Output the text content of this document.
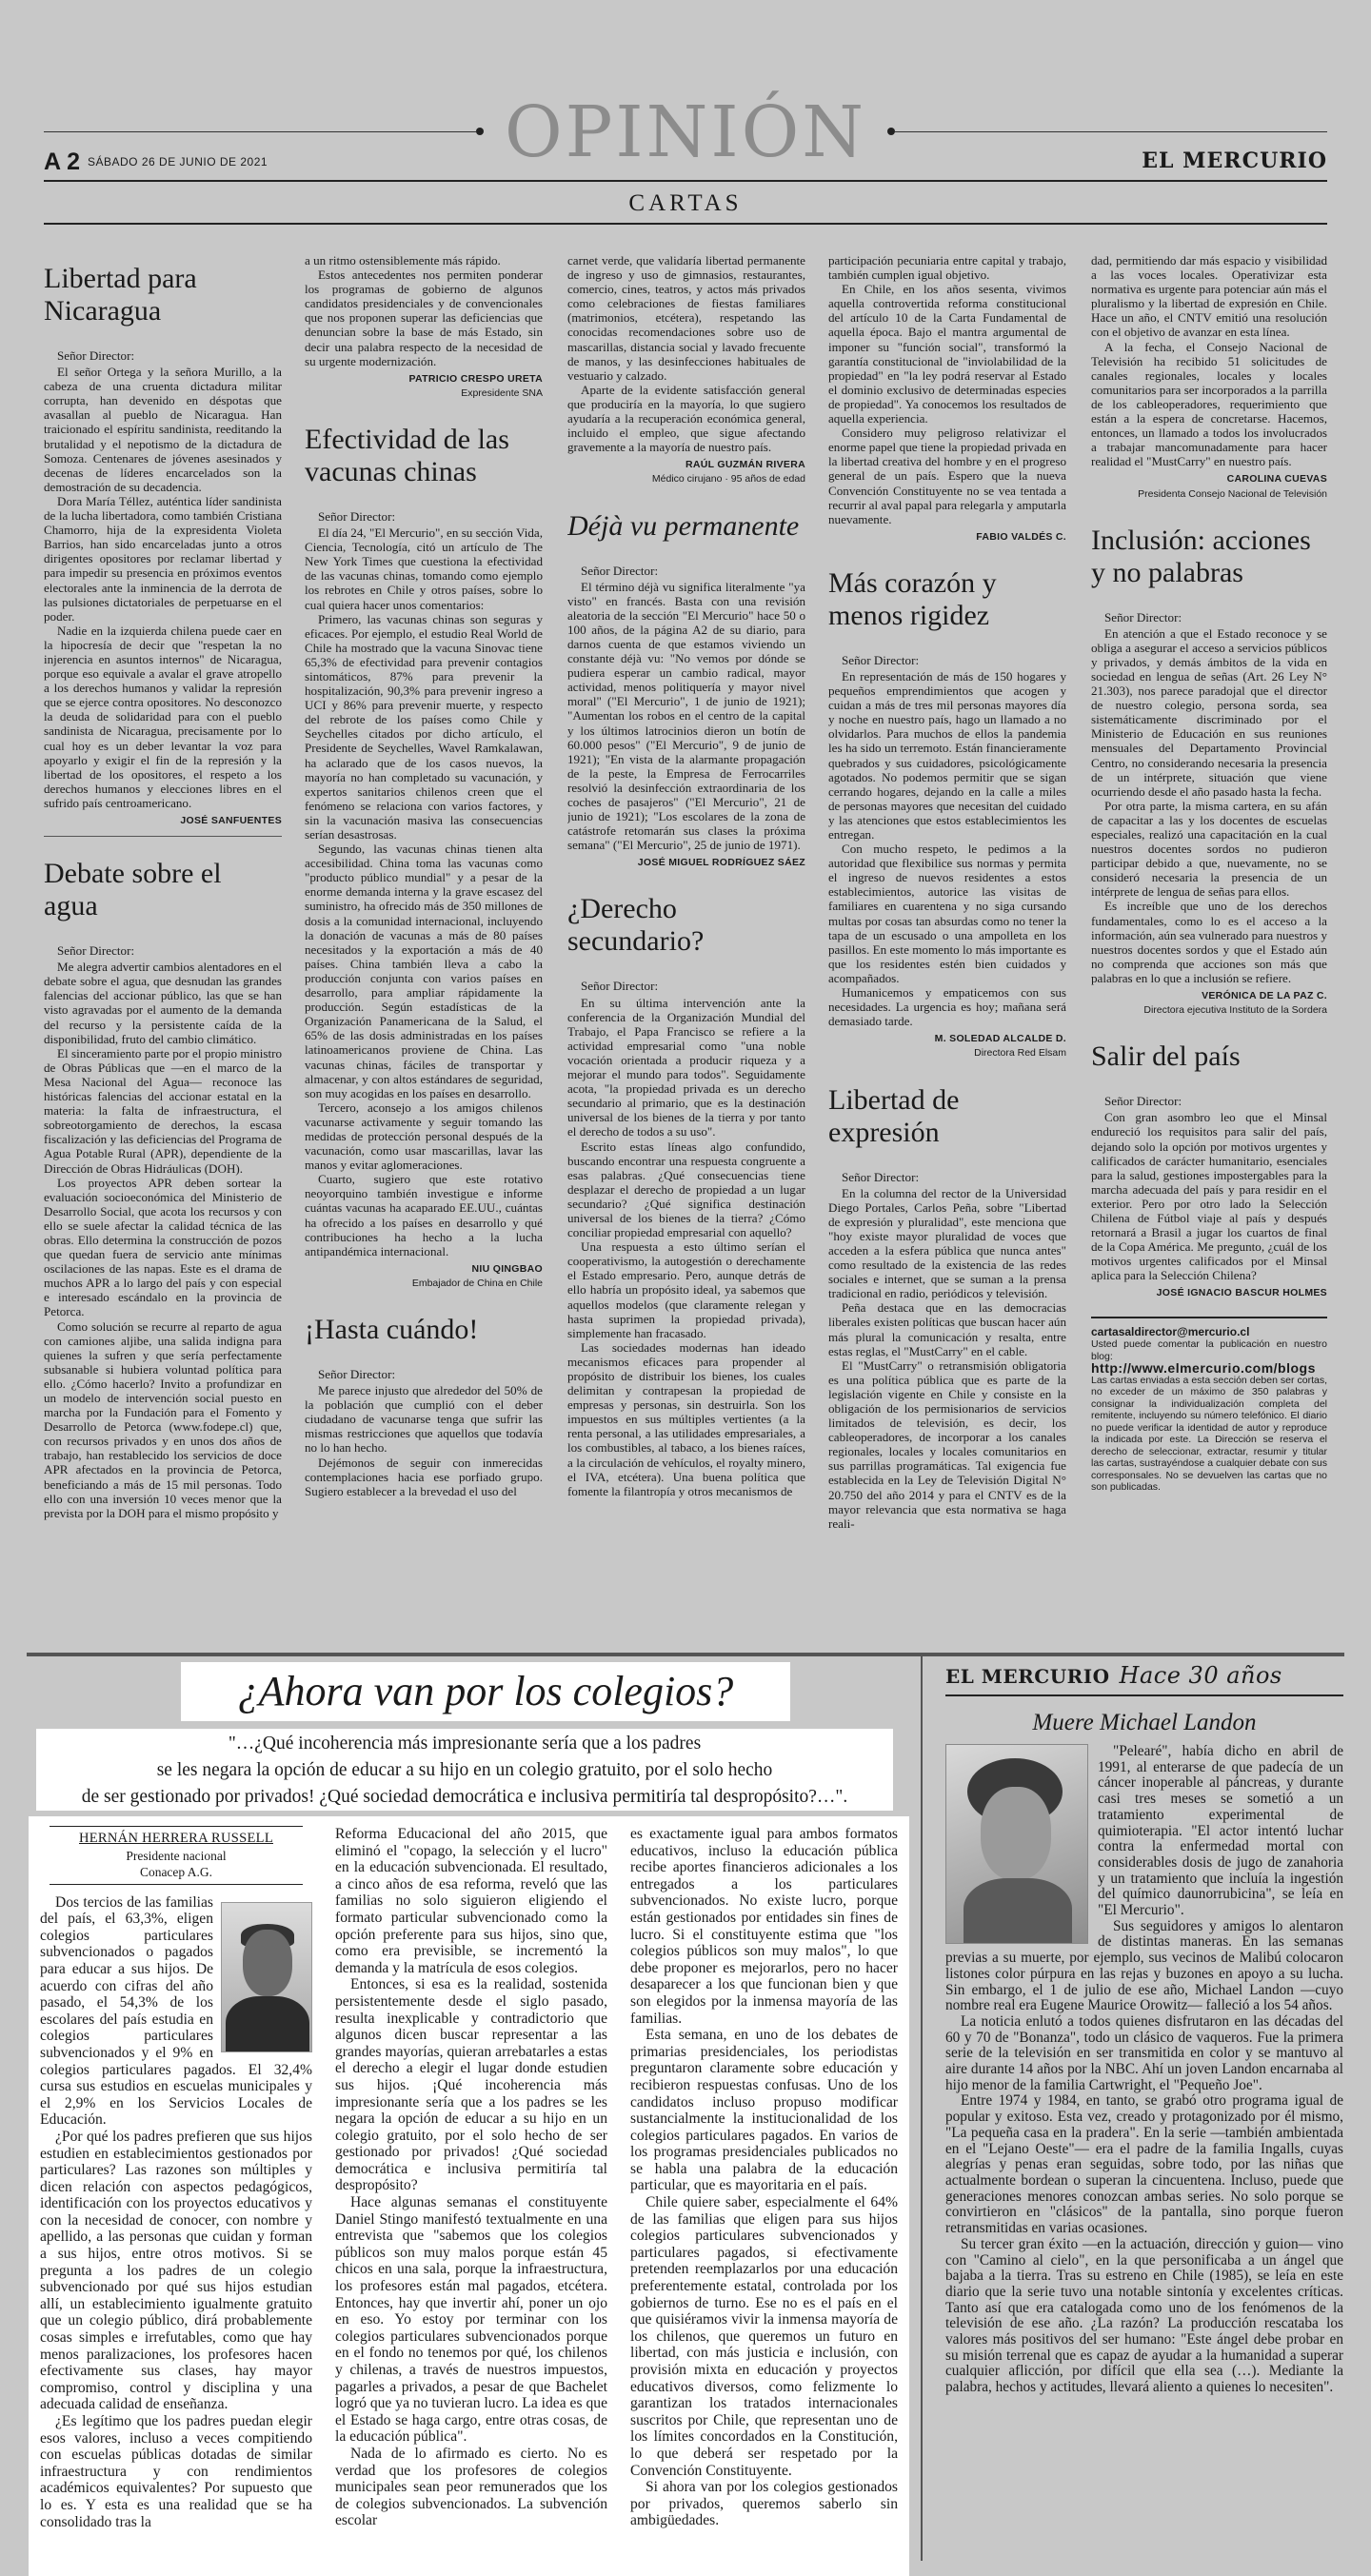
OPINIÓN
A 2 SÁBADO 26 DE JUNIO DE 2021	EL MERCURIO
CARTAS
Libertad para Nicaragua

Señor Director:

El señor Ortega y la señora Murillo, a la cabeza de una cruenta dictadura militar corrupta, han devenido en déspotas que avasallan al pueblo de Nicaragua. Han traicionado el espíritu sandinista, reeditando la brutalidad y el nepotismo de la dictadura de Somoza. Centenares de jóvenes asesinados y decenas de líderes encarcelados son la demostración de su decadencia.

Dora María Téllez, auténtica líder sandinista de la lucha libertadora, como también Cristiana Chamorro, hija de la expresidenta Violeta Barrios, han sido encarceladas junto a otros dirigentes opositores por reclamar libertad y para impedir su presencia en próximos eventos electorales ante la inminencia de la derrota de las pulsiones dictatoriales de perpetuarse en el poder.

Nadie en la izquierda chilena puede caer en la hipocresía de decir que "respetan la no injerencia en asuntos internos" de Nicaragua, porque eso equivale a avalar el grave atropello a los derechos humanos y validar la represión que se ejerce contra opositores. No desconozco la deuda de solidaridad para con el pueblo sandinista de Nicaragua, precisamente por lo cual hoy es un deber levantar la voz para apoyarlo y exigir el fin de la represión y la libertad de los opositores, el respeto a los derechos humanos y elecciones libres en el sufrido país centroamericano.

JOSÉ SANFUENTES

Debate sobre el agua

Señor Director:

Me alegra advertir cambios alentadores en el debate sobre el agua, que desnudan las grandes falencias del accionar público, las que se han visto agravadas por el aumento de la demanda del recurso y la persistente caída de la disponibilidad, fruto del cambio climático.

El sinceramiento parte por el propio ministro de Obras Públicas que —en el marco de la Mesa Nacional del Agua— reconoce las históricas falencias del accionar estatal en la materia: la falta de infraestructura, el sobreotorgamiento de derechos, la escasa fiscalización y las deficiencias del Programa de Agua Potable Rural (APR), dependiente de la Dirección de Obras Hidráulicas (DOH).

Los proyectos APR deben sortear la evaluación socioeconómica del Ministerio de Desarrollo Social, que acota los recursos y con ello se suele afectar la calidad técnica de las obras. Ello determina la construcción de pozos que quedan fuera de servicio ante mínimas oscilaciones de las napas. Este es el drama de muchos APR a lo largo del país y con especial e interesado escándalo en la provincia de Petorca.

Como solución se recurre al reparto de agua con camiones aljibe, una salida indigna para quienes la sufren y que sería perfectamente subsanable si hubiera voluntad política para ello. ¿Cómo hacerlo? Invito a profundizar en un modelo de intervención social puesto en marcha por la Fundación para el Fomento y Desarrollo de Petorca (www.fodepe.cl) que, con recursos privados y en unos dos años de trabajo, han restablecido los servicios de doce APR afectados en la provincia de Petorca, beneficiando a más de 15 mil personas. Todo ello con una inversión 10 veces menor que la prevista por la DOH para el mismo propósito y

a un ritmo ostensiblemente más rápido.

Estos antecedentes nos permiten ponderar los programas de gobierno de algunos candidatos presidenciales y de convencionales que nos proponen superar las deficiencias que denuncian sobre la base de más Estado, sin decir una palabra respecto de la necesidad de su urgente modernización.

PATRICIO CRESPO URETA

Expresidente SNA

Efectividad de las vacunas chinas

Señor Director:

El día 24, "El Mercurio", en su sección Vida, Ciencia, Tecnología, citó un artículo de The New York Times que cuestiona la efectividad de las vacunas chinas, tomando como ejemplo los rebrotes en Chile y otros países, sobre lo cual quiera hacer unos comentarios:

Primero, las vacunas chinas son seguras y eficaces. Por ejemplo, el estudio Real World de Chile ha mostrado que la vacuna Sinovac tiene 65,3% de efectividad para prevenir contagios sintomáticos, 87% para prevenir la hospitalización, 90,3% para prevenir ingreso a UCI y 86% para prevenir muerte, y respecto del rebrote de los países como Chile y Seychelles citados por dicho artículo, el Presidente de Seychelles, Wavel Ramkalawan, ha aclarado que de los casos nuevos, la mayoría no han completado su vacunación, y expertos sanitarios chilenos creen que el fenómeno se relaciona con varios factores, y sin la vacunación masiva las consecuencias serían desastrosas.

Segundo, las vacunas chinas tienen alta accesibilidad. China toma las vacunas como "producto público mundial" y a pesar de la enorme demanda interna y la grave escasez del suministro, ha ofrecido más de 350 millones de dosis a la comunidad internacional, incluyendo la donación de vacunas a más de 80 países necesitados y la exportación a más de 40 países. China también lleva a cabo la producción conjunta con varios países en desarrollo, para ampliar rápidamente la producción. Según estadísticas de la Organización Panamericana de la Salud, el 65% de las dosis administradas en los países latinoamericanos proviene de China. Las vacunas chinas, fáciles de transportar y almacenar, y con altos estándares de seguridad, son muy acogidas en los países en desarrollo.

Tercero, aconsejo a los amigos chilenos vacunarse activamente y seguir tomando las medidas de protección personal después de la vacunación, como usar mascarillas, lavar las manos y evitar aglomeraciones.

Cuarto, sugiero que este rotativo neoyorquino también investigue e informe cuántas vacunas ha acaparado EE.UU., cuántas ha ofrecido a los países en desarrollo y qué contribuciones ha hecho a la lucha antipandémica internacional.

NIU QINGBAO

Embajador de China en Chile

¡Hasta cuándo!

Señor Director:

Me parece injusto que alrededor del 50% de la población que cumplió con el deber ciudadano de vacunarse tenga que sufrir las mismas restricciones que aquellos que todavía no lo han hecho.

Dejémonos de seguir con inmerecidas contemplaciones hacia ese porfiado grupo. Sugiero establecer a la brevedad el uso del

carnet verde, que validaría libertad permanente de ingreso y uso de gimnasios, restaurantes, comercio, cines, teatros, y actos más privados como celebraciones de fiestas familiares (matrimonios, etcétera), respetando las conocidas recomendaciones sobre uso de mascarillas, distancia social y lavado frecuente de manos, y las desinfecciones habituales de vestuario y calzado.

Aparte de la evidente satisfacción general que produciría en la mayoría, lo que sugiero ayudaría a la recuperación económica general, incluido el empleo, que sigue afectando gravemente a la mayoría de nuestro país.

RAÚL GUZMÁN RIVERA

Médico cirujano · 95 años de edad

Déjà vu permanente

Señor Director:

El término déjà vu significa literalmente "ya visto" en francés. Basta con una revisión aleatoria de la sección "El Mercurio" hace 50 o 100 años, de la página A2 de su diario, para darnos cuenta de que estamos viviendo un constante déjà vu: "No vemos por dónde se pudiera esperar un cambio radical, mayor actividad, menos politiquería y mayor nivel moral" ("El Mercurio", 1 de junio de 1921); "Aumentan los robos en el centro de la capital y los últimos latrocinios dieron un botín de 60.000 pesos" ("El Mercurio", 9 de junio de 1921); "En vista de la alarmante propagación de la peste, la Empresa de Ferrocarriles resolvió la desinfección extraordinaria de los coches de pasajeros" ("El Mercurio", 21 de junio de 1921); "Los escolares de la zona de catástrofe retomarán sus clases la próxima semana" ("El Mercurio", 25 de junio de 1971).

JOSÉ MIGUEL RODRÍGUEZ SÁEZ

¿Derecho secundario?

Señor Director:

En su última intervención ante la conferencia de la Organización Mundial del Trabajo, el Papa Francisco se refiere a la actividad empresarial como "una noble vocación orientada a producir riqueza y a mejorar el mundo para todos". Seguidamente acota, "la propiedad privada es un derecho secundario al primario, que es la destinación universal de los bienes de la tierra y por tanto el derecho de todos a su uso".

Escrito estas líneas algo confundido, buscando encontrar una respuesta congruente a esas palabras. ¿Qué consecuencias tiene desplazar el derecho de propiedad a un lugar secundario? ¿Qué significa destinación universal de los bienes de la tierra? ¿Cómo conciliar propiedad empresarial con aquello?

Una respuesta a esto último serían el cooperativismo, la autogestión o derechamente el Estado empresario. Pero, aunque detrás de ello habría un propósito ideal, ya sabemos que aquellos modelos (que claramente relegan y hasta suprimen la propiedad privada), simplemente han fracasado.

Las sociedades modernas han ideado mecanismos eficaces para propender al propósito de distribuir los bienes, los cuales delimitan y contrapesan la propiedad de empresas y personas, sin destruirla. Son los impuestos en sus múltiples vertientes (a la renta personal, a las utilidades empresariales, a los combustibles, al tabaco, a los bienes raíces, a la circulación de vehículos, el royalty minero, el IVA, etcétera). Una buena política que fomente la filantropía y otros mecanismos de

participación pecuniaria entre capital y trabajo, también cumplen igual objetivo.

En Chile, en los años sesenta, vivimos aquella controvertida reforma constitucional del artículo 10 de la Carta Fundamental de aquella época. Bajo el mantra argumental de imponer su "función social", transformó la garantía constitucional de "inviolabilidad de la propiedad" en "la ley podrá reservar al Estado el dominio exclusivo de determinadas especies de propiedad". Ya conocemos los resultados de aquella experiencia.

Considero muy peligroso relativizar el enorme papel que tiene la propiedad privada en la libertad creativa del hombre y en el progreso general de un país. Espero que la nueva Convención Constituyente no se vea tentada a recurrir al aval papal para relegarla y amputarla nuevamente.

FABIO VALDÉS C.

Más corazón y menos rigidez

Señor Director:

En representación de más de 150 hogares y pequeños emprendimientos que acogen y cuidan a más de tres mil personas mayores día y noche en nuestro país, hago un llamado a no olvidarlos. Para muchos de ellos la pandemia les ha sido un terremoto. Están financieramente quebrados y sus cuidadores, psicológicamente agotados. No podemos permitir que se sigan cerrando hogares, dejando en la calle a miles de personas mayores que necesitan del cuidado y las atenciones que estos establecimientos les entregan.

Con mucho respeto, le pedimos a la autoridad que flexibilice sus normas y permita el ingreso de nuevos residentes a estos establecimientos, autorice las visitas de familiares en cuarentena y no siga cursando multas por cosas tan absurdas como no tener la tapa de un escusado o una ampolleta en los pasillos. En este momento lo más importante es que los residentes estén bien cuidados y acompañados.

Humanicemos y empaticemos con sus necesidades. La urgencia es hoy; mañana será demasiado tarde.

M. SOLEDAD ALCALDE D.

Directora Red Elsam

Libertad de expresión

Señor Director:

En la columna del rector de la Universidad Diego Portales, Carlos Peña, sobre "Libertad de expresión y pluralidad", este menciona que "hoy existe mayor pluralidad de voces que acceden a la esfera pública que nunca antes" como resultado de la existencia de las redes sociales e internet, que se suman a la prensa tradicional en radio, periódicos y televisión.

Peña destaca que en las democracias liberales existen políticas que buscan hacer aún más plural la comunicación y resalta, entre estas reglas, el "MustCarry" en el cable.

El "MustCarry" o retransmisión obligatoria es una política pública que es parte de la legislación vigente en Chile y consiste en la obligación de los permisionarios de servicios limitados de televisión, es decir, los cableoperadores, de incorporar a los canales regionales, locales y locales comunitarios en sus parrillas programáticas. Tal exigencia fue establecida en la Ley de Televisión Digital N° 20.750 del año 2014 y para el CNTV es de la mayor relevancia que esta normativa se haga reali-

dad, permitiendo dar más espacio y visibilidad a las voces locales. Operativizar esta normativa es urgente para potenciar aún más el pluralismo y la libertad de expresión en Chile. Hace un año, el CNTV emitió una resolución con el objetivo de avanzar en esta línea.

A la fecha, el Consejo Nacional de Televisión ha recibido 51 solicitudes de canales regionales, locales y locales comunitarios para ser incorporados a la parrilla de los cableoperadores, requerimiento que están a la espera de concretarse. Hacemos, entonces, un llamado a todos los involucrados a trabajar mancomunadamente para hacer realidad el "MustCarry" en nuestro país.

CAROLINA CUEVAS

Presidenta Consejo Nacional de Televisión

Inclusión: acciones y no palabras

Señor Director:

En atención a que el Estado reconoce y se obliga a asegurar el acceso a servicios públicos y privados, y demás ámbitos de la vida en sociedad en lengua de señas (Art. 26 Ley N° 21.303), nos parece paradojal que el director de nuestro colegio, persona sorda, sea sistemáticamente discriminado por el Ministerio de Educación en sus reuniones mensuales del Departamento Provincial Centro, no considerando necesaria la presencia de un intérprete, situación que viene ocurriendo desde el año pasado hasta la fecha.

Por otra parte, la misma cartera, en su afán de capacitar a las y los docentes de escuelas especiales, realizó una capacitación en la cual nuestros docentes sordos no pudieron participar debido a que, nuevamente, no se consideró necesaria la presencia de un intérprete de lengua de señas para ellos.

Es increíble que uno de los derechos fundamentales, como lo es el acceso a la información, aún sea vulnerado para nuestros y nuestros docentes sordos y que el Estado aún no comprenda que acciones son más que palabras en lo que a inclusión se refiere.

VERÓNICA DE LA PAZ C.

Directora ejecutiva Instituto de la Sordera

Salir del país

Señor Director:

Con gran asombro leo que el Minsal endureció los requisitos para salir del país, dejando solo la opción por motivos urgentes y calificados de carácter humanitario, esenciales para la salud, gestiones impostergables para la marcha adecuada del país y para residir en el exterior. Pero por otro lado la Selección Chilena de Fútbol viaje al país y después retornará a Brasil a jugar los cuartos de final de la Copa América. Me pregunto, ¿cuál de los motivos urgentes calificados por el Minsal aplica para la Selección Chilena?

JOSÉ IGNACIO BASCUR HOLMES

cartasaldirector@mercurio.cl
Usted puede comentar la publicación en nuestro blog:
http://www.elmercurio.com/blogs
Las cartas enviadas a esta sección deben ser cortas, no exceder de un máximo de 350 palabras y consignar la individualización completa del remitente, incluyendo su número telefónico. El diario no puede verificar la identidad de autor y reproduce la indicada por este. La Dirección se reserva el derecho de seleccionar, extractar, resumir y titular las cartas, sustrayéndose a cualquier debate con sus corresponsales. No se devuelven las cartas que no son publicadas.
¿Ahora van por los colegios?
"…¿Qué incoherencia más impresionante sería que a los padres
se les negara la opción de educar a su hijo en un colegio gratuito, por el solo hecho
de ser gestionado por privados! ¿Qué sociedad democrática e inclusiva permitiría tal despropósito?…".
HERNÁN HERRERA RUSSELL
Presidente nacional
Conacep A.G.

Dos tercios de las familias del país, el 63,3%, eligen colegios particulares subvencionados o pagados para educar a sus hijos. De acuerdo con cifras del año pasado, el 54,3% de los escolares del país estudia en colegios particulares subvencionados y el 9% en colegios particulares pagados. El 32,4% cursa sus estudios en escuelas municipales y el 2,9% en los Servicios Locales de Educación.

¿Por qué los padres prefieren que sus hijos estudien en establecimientos gestionados por particulares? Las razones son múltiples y dicen relación con aspectos pedagógicos, identificación con los proyectos educativos y con la necesidad de conocer, con nombre y apellido, a las personas que cuidan y forman a sus hijos, entre otros motivos. Si se pregunta a los padres de un colegio subvencionado por qué sus hijos estudian allí, un establecimiento igualmente gratuito que un colegio público, dirá probablemente cosas simples e irrefutables, como que hay menos paralizaciones, los profesores hacen efectivamente sus clases, hay mayor compromiso, control y disciplina y una adecuada calidad de enseñanza.

¿Es legítimo que los padres puedan elegir esos valores, incluso a veces compitiendo con escuelas públicas dotadas de similar infraestructura y con rendimientos académicos equivalentes? Por supuesto que lo es. Y esta es una realidad que se ha consolidado tras la

Reforma Educacional del año 2015, que eliminó el "copago, la selección y el lucro" en la educación subvencionada. El resultado, a cinco años de esa reforma, reveló que las familias no solo siguieron eligiendo el formato particular subvencionado como la opción preferente para sus hijos, sino que, como era previsible, se incrementó la demanda y la matrícula de esos colegios.

Entonces, si esa es la realidad, sostenida persistentemente desde el siglo pasado, resulta inexplicable y contradictorio que algunos dicen buscar representar a las grandes mayorías, quieran arrebatarles a estas el derecho a elegir el lugar donde estudien sus hijos. ¡Qué incoherencia más impresionante sería que a los padres se les negara la opción de educar a su hijo en un colegio gratuito, por el solo hecho de ser gestionado por privados! ¿Qué sociedad democrática e inclusiva permitiría tal despropósito?

Hace algunas semanas el constituyente Daniel Stingo manifestó textualmente en una entrevista que "sabemos que los colegios públicos son muy malos porque están 45 chicos en una sala, porque la infraestructura, los profesores están mal pagados, etcétera. Entonces, hay que invertir ahí, poner un ojo en eso. Yo estoy por terminar con los colegios particulares subvencionados porque en el fondo no tenemos por qué, los chilenos y chilenas, a través de nuestros impuestos, pagarles a privados, a pesar de que Bachelet logró que ya no tuvieran lucro. La idea es que el Estado se haga cargo, entre otras cosas, de la educación pública".

Nada de lo afirmado es cierto. No es verdad que los profesores de colegios municipales sean peor remunerados que los de colegios subvencionados. La subvención escolar

es exactamente igual para ambos formatos educativos, incluso la educación pública recibe aportes financieros adicionales a los entregados a los particulares subvencionados. No existe lucro, porque están gestionados por entidades sin fines de lucro. Si el constituyente estima que "los colegios públicos son muy malos", lo que debe proponer es mejorarlos, pero no hacer desaparecer a los que funcionan bien y que son elegidos por la inmensa mayoría de las familias.

Esta semana, en uno de los debates de primarias presidenciales, los periodistas preguntaron claramente sobre educación y recibieron respuestas confusas. Uno de los candidatos incluso propuso modificar sustancialmente la institucionalidad de los colegios particulares pagados. En varios de los programas presidenciales publicados no se habla una palabra de la educación particular, que es mayoritaria en el país.

Chile quiere saber, especialmente el 64% de las familias que eligen para sus hijos colegios particulares subvencionados y particulares pagados, si efectivamente pretenden reemplazarlos por una educación preferentemente estatal, controlada por los gobiernos de turno. Ese no es el país en el que quisiéramos vivir la inmensa mayoría de los chilenos, que queremos un futuro en libertad, con más justicia e inclusión, con provisión mixta en educación y proyectos educativos diversos, como felizmente lo garantizan los tratados internacionales suscritos por Chile, que representan uno de los límites concordados en la Constitución, lo que deberá ser respetado por la Convención Constituyente.

Si ahora van por los colegios gestionados por privados, queremos saberlo sin ambigüedades.

EL MERCURIO Hace 30 años
Muere Michael Landon

"Pelearé", había dicho en abril de 1991, al enterarse de que padecía de un cáncer inoperable al páncreas, y durante casi tres meses se sometió a un tratamiento experimental de quimioterapia. "El actor intentó luchar contra la enfermedad mortal con considerables dosis de jugo de zanahoria y un tratamiento que incluía la ingestión del químico daunorrubicina", se leía en "El Mercurio".

Sus seguidores y amigos lo alentaron de distintas maneras. En las semanas previas a su muerte, por ejemplo, sus vecinos de Malibú colocaron listones color púrpura en las rejas y buzones en apoyo a su lucha. Sin embargo, el 1 de julio de ese año, Michael Landon —cuyo nombre real era Eugene Maurice Orowitz— falleció a los 54 años.

La noticia enlutó a todos quienes disfrutaron en las décadas del 60 y 70 de "Bonanza", todo un clásico de vaqueros. Fue la primera serie de la televisión en ser transmitida en color y se mantuvo al aire durante 14 años por la NBC. Ahí un joven Landon encarnaba al hijo menor de la familia Cartwright, el "Pequeño Joe".

Entre 1974 y 1984, en tanto, se grabó otro programa igual de popular y exitoso. Esta vez, creado y protagonizado por él mismo, "La pequeña casa en la pradera". En la serie —también ambientada en el "Lejano Oeste"— era el padre de la familia Ingalls, cuyas alegrías y penas eran seguidas, sobre todo, por las niñas que actualmente bordean o superan la cincuentena. Incluso, puede que generaciones menores conozcan ambas series. No solo porque se convirtieron en "clásicos" de la pantalla, sino porque fueron retransmitidas en varias ocasiones.

Su tercer gran éxito —en la actuación, dirección y guion— vino con "Camino al cielo", en la que personificaba a un ángel que bajaba a la tierra. Tras su estreno en Chile (1985), se leía en este diario que la serie tuvo una notable sintonía y excelentes críticas. Tanto así que era catalogada como uno de los fenómenos de la televisión de ese año. ¿La razón? La producción rescataba los valores más positivos del ser humano: "Este ángel debe probar en su misión terrenal que es capaz de ayudar a la humanidad a superar cualquier aflicción, por difícil que ella sea (…). Mediante la palabra, hechos y actitudes, llevará aliento a quienes lo necesiten".
